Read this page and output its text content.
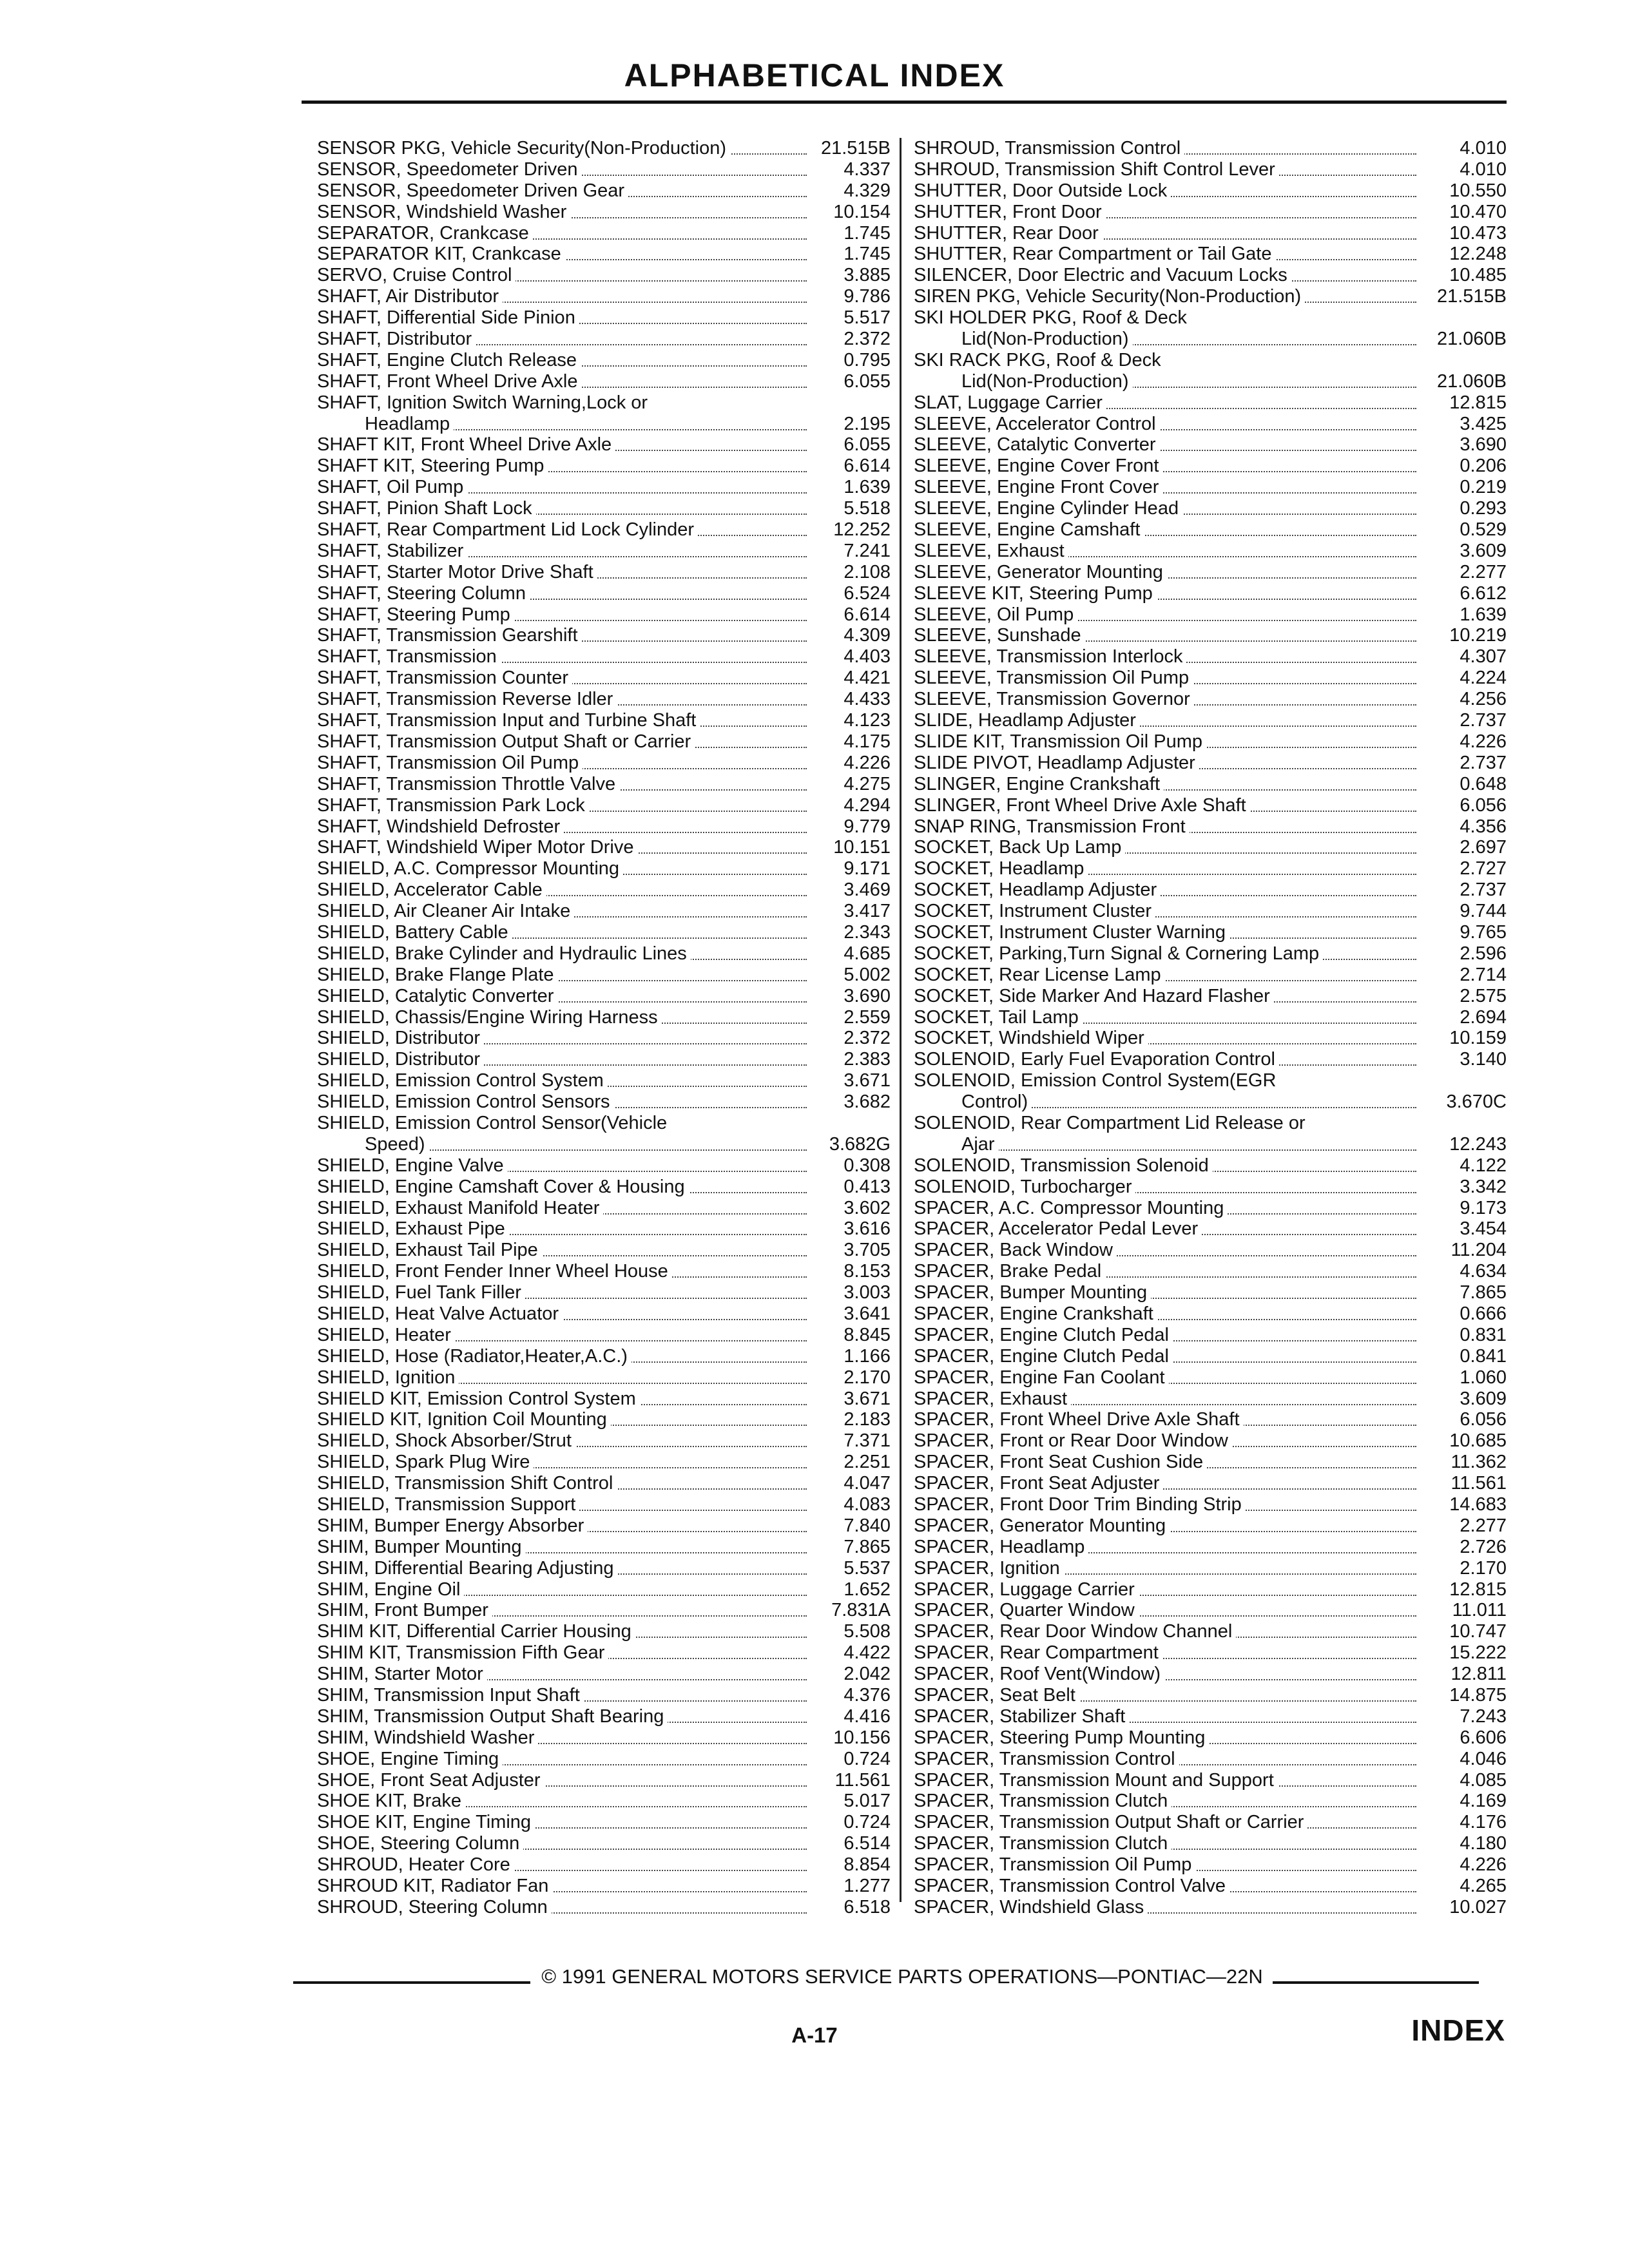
ALPHABETICAL INDEX
SENSOR PKG, Vehicle Security(Non-Production)	21.515B
SENSOR, Speedometer Driven	4.337
SENSOR, Speedometer Driven Gear	4.329
SENSOR, Windshield Washer	10.154
SEPARATOR, Crankcase	1.745
SEPARATOR KIT, Crankcase	1.745
SERVO, Cruise Control	3.885
SHAFT, Air Distributor	9.786
SHAFT, Differential Side Pinion	5.517
SHAFT, Distributor	2.372
SHAFT, Engine Clutch Release	0.795
SHAFT, Front Wheel Drive Axle	6.055
SHAFT, Ignition Switch Warning,Lock or
Headlamp	2.195
SHAFT KIT, Front Wheel Drive Axle	6.055
SHAFT KIT, Steering Pump	6.614
SHAFT, Oil Pump	1.639
SHAFT, Pinion Shaft Lock	5.518
SHAFT, Rear Compartment Lid Lock Cylinder	12.252
SHAFT, Stabilizer	7.241
SHAFT, Starter Motor Drive Shaft	2.108
SHAFT, Steering Column	6.524
SHAFT, Steering Pump	6.614
SHAFT, Transmission Gearshift	4.309
SHAFT, Transmission	4.403
SHAFT, Transmission Counter	4.421
SHAFT, Transmission Reverse Idler	4.433
SHAFT, Transmission Input and Turbine Shaft	4.123
SHAFT, Transmission Output Shaft or Carrier	4.175
SHAFT, Transmission Oil Pump	4.226
SHAFT, Transmission Throttle Valve	4.275
SHAFT, Transmission Park Lock	4.294
SHAFT, Windshield Defroster	9.779
SHAFT, Windshield Wiper Motor Drive	10.151
SHIELD, A.C. Compressor Mounting	9.171
SHIELD, Accelerator Cable	3.469
SHIELD, Air Cleaner Air Intake	3.417
SHIELD, Battery Cable	2.343
SHIELD, Brake Cylinder and Hydraulic Lines	4.685
SHIELD, Brake Flange Plate	5.002
SHIELD, Catalytic Converter	3.690
SHIELD, Chassis/Engine Wiring Harness	2.559
SHIELD, Distributor	2.372
SHIELD, Distributor	2.383
SHIELD, Emission Control System	3.671
SHIELD, Emission Control Sensors	3.682
SHIELD, Emission Control Sensor(Vehicle
Speed)	3.682G
SHIELD, Engine Valve	0.308
SHIELD, Engine Camshaft Cover & Housing	0.413
SHIELD, Exhaust Manifold Heater	3.602
SHIELD, Exhaust Pipe	3.616
SHIELD, Exhaust Tail Pipe	3.705
SHIELD, Front Fender Inner Wheel House	8.153
SHIELD, Fuel Tank Filler	3.003
SHIELD, Heat Valve Actuator	3.641
SHIELD, Heater	8.845
SHIELD, Hose (Radiator,Heater,A.C.)	1.166
SHIELD, Ignition	2.170
SHIELD KIT, Emission Control System	3.671
SHIELD KIT, Ignition Coil Mounting	2.183
SHIELD, Shock Absorber/Strut	7.371
SHIELD, Spark Plug Wire	2.251
SHIELD, Transmission Shift Control	4.047
SHIELD, Transmission Support	4.083
SHIM, Bumper Energy Absorber	7.840
SHIM, Bumper Mounting	7.865
SHIM, Differential Bearing Adjusting	5.537
SHIM, Engine Oil	1.652
SHIM, Front Bumper	7.831A
SHIM KIT, Differential Carrier Housing	5.508
SHIM KIT, Transmission Fifth Gear	4.422
SHIM, Starter Motor	2.042
SHIM, Transmission Input Shaft	4.376
SHIM, Transmission Output Shaft Bearing	4.416
SHIM, Windshield Washer	10.156
SHOE, Engine Timing	0.724
SHOE, Front Seat Adjuster	11.561
SHOE KIT, Brake	5.017
SHOE KIT, Engine Timing	0.724
SHOE, Steering Column	6.514
SHROUD, Heater Core	8.854
SHROUD KIT, Radiator Fan	1.277
SHROUD, Steering Column	6.518
SHROUD, Transmission Control	4.010
SHROUD, Transmission Shift Control Lever	4.010
SHUTTER, Door Outside Lock	10.550
SHUTTER, Front Door	10.470
SHUTTER, Rear Door	10.473
SHUTTER, Rear Compartment or Tail Gate	12.248
SILENCER, Door Electric and Vacuum Locks	10.485
SIREN PKG, Vehicle Security(Non-Production)	21.515B
SKI HOLDER PKG, Roof & Deck
Lid(Non-Production)	21.060B
SKI RACK PKG, Roof & Deck
Lid(Non-Production)	21.060B
SLAT, Luggage Carrier	12.815
SLEEVE, Accelerator Control	3.425
SLEEVE, Catalytic Converter	3.690
SLEEVE, Engine Cover Front	0.206
SLEEVE, Engine Front Cover	0.219
SLEEVE, Engine Cylinder Head	0.293
SLEEVE, Engine Camshaft	0.529
SLEEVE, Exhaust	3.609
SLEEVE, Generator Mounting	2.277
SLEEVE KIT, Steering Pump	6.612
SLEEVE, Oil Pump	1.639
SLEEVE, Sunshade	10.219
SLEEVE, Transmission Interlock	4.307
SLEEVE, Transmission Oil Pump	4.224
SLEEVE, Transmission Governor	4.256
SLIDE, Headlamp Adjuster	2.737
SLIDE KIT, Transmission Oil Pump	4.226
SLIDE PIVOT, Headlamp Adjuster	2.737
SLINGER, Engine Crankshaft	0.648
SLINGER, Front Wheel Drive Axle Shaft	6.056
SNAP RING, Transmission Front	4.356
SOCKET, Back Up Lamp	2.697
SOCKET, Headlamp	2.727
SOCKET, Headlamp Adjuster	2.737
SOCKET, Instrument Cluster	9.744
SOCKET, Instrument Cluster Warning	9.765
SOCKET, Parking,Turn Signal & Cornering Lamp	2.596
SOCKET, Rear License Lamp	2.714
SOCKET, Side Marker And Hazard Flasher	2.575
SOCKET, Tail Lamp	2.694
SOCKET, Windshield Wiper	10.159
SOLENOID, Early Fuel Evaporation Control	3.140
SOLENOID, Emission Control System(EGR
Control)	3.670C
SOLENOID, Rear Compartment Lid Release or
Ajar	12.243
SOLENOID, Transmission Solenoid	4.122
SOLENOID, Turbocharger	3.342
SPACER, A.C. Compressor Mounting	9.173
SPACER, Accelerator Pedal Lever	3.454
SPACER, Back Window	11.204
SPACER, Brake Pedal	4.634
SPACER, Bumper Mounting	7.865
SPACER, Engine Crankshaft	0.666
SPACER, Engine Clutch Pedal	0.831
SPACER, Engine Clutch Pedal	0.841
SPACER, Engine Fan Coolant	1.060
SPACER, Exhaust	3.609
SPACER, Front Wheel Drive Axle Shaft	6.056
SPACER, Front or Rear Door Window	10.685
SPACER, Front Seat Cushion Side	11.362
SPACER, Front Seat Adjuster	11.561
SPACER, Front Door Trim Binding Strip	14.683
SPACER, Generator Mounting	2.277
SPACER, Headlamp	2.726
SPACER, Ignition	2.170
SPACER, Luggage Carrier	12.815
SPACER, Quarter Window	11.011
SPACER, Rear Door Window Channel	10.747
SPACER, Rear Compartment	15.222
SPACER, Roof Vent(Window)	12.811
SPACER, Seat Belt	14.875
SPACER, Stabilizer Shaft	7.243
SPACER, Steering Pump Mounting	6.606
SPACER, Transmission Control	4.046
SPACER, Transmission Mount and Support	4.085
SPACER, Transmission Clutch	4.169
SPACER, Transmission Output Shaft or Carrier	4.176
SPACER, Transmission Clutch	4.180
SPACER, Transmission Oil Pump	4.226
SPACER, Transmission Control Valve	4.265
SPACER, Windshield Glass	10.027
© 1991 GENERAL MOTORS SERVICE PARTS OPERATIONS—PONTIAC—22N
A-17	INDEX
